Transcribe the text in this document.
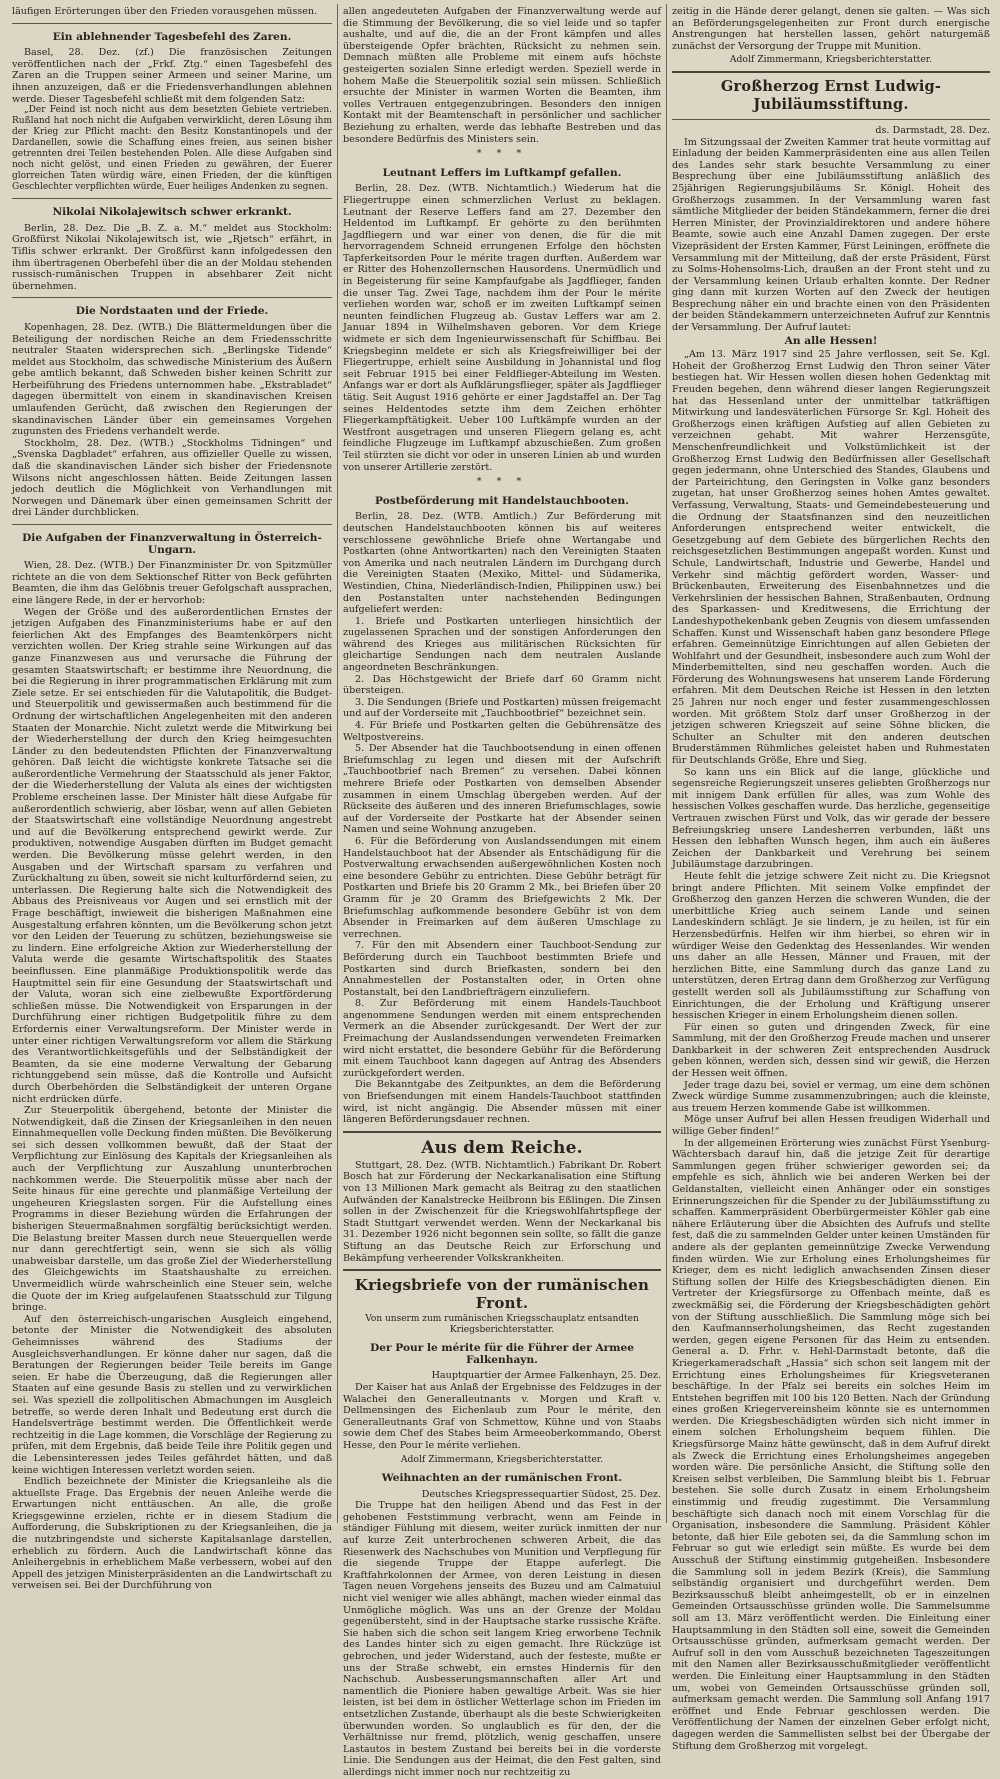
läufigen Erörterungen über den Frieden vorausgehen müssen.

Ein ablehnender Tagesbefehl des Zaren.

Basel, 28. Dez. (zf.) Die französischen Zeitungen veröffentlichen nach der „Frkf. Ztg.“ einen Tagesbefehl des Zaren an die Truppen seiner Armeen und seiner Marine, um ihnen anzuzeigen, daß er die Friedensverhandlungen ablehnen werde. Dieser Tagesbefehl schließt mit dem folgenden Satz:

„Der Feind ist noch nicht aus dem besetzten Gebiete vertrieben. Rußland hat noch nicht die Aufgaben verwirklicht, deren Lösung ihm der Krieg zur Pflicht macht: den Besitz Konstantinopels und der Dardanellen, sowie die Schaffung eines freien, aus seinen bisher getrennten drei Teilen bestehenden Polen. Alle diese Aufgaben sind noch nicht gelöst, und einen Frieden zu gewähren, der Euerer glorreichen Taten würdig wäre, einen Frieden, der die künftigen Geschlechter verpflichten würde, Euer heiliges Andenken zu segnen.

Nikolai Nikolajewitsch schwer erkrankt.

Berlin, 28. Dez. Die „B. Z. a. M.“ meldet aus Stockholm: Großfürst Nikolai Nikolajewitsch ist, wie „Rjetsch“ erfährt, in Tiflis schwer erkrankt. Der Großfürst kann infolgedessen den ihm übertragenen Oberbefehl über die an der Moldau stehenden russisch-rumänischen Truppen in absehbarer Zeit nicht übernehmen.

Die Nordstaaten und der Friede.

Kopenhagen, 28. Dez. (WTB.) Die Blättermeldungen über die Beteiligung der nordischen Reiche an dem Friedensschritte neutraler Staaten widersprechen sich. „Berlingske Tidende“ meldet aus Stockholm, das schwedische Ministerium des Äußern gebe amtlich bekannt, daß Schweden bisher keinen Schritt zur Herbeiführung des Friedens unternommen habe. „Ekstrabladet“ dagegen übermittelt von einem in skandinavischen Kreisen umlaufenden Gerücht, daß zwischen den Regierungen der skandinavischen Länder über ein gemeinsames Vorgehen zugunsten des Friedens verhandelt werde.

Stockholm, 28. Dez. (WTB.) „Stockholms Tidningen“ und „Svenska Dagbladet“ erfahren, aus offizieller Quelle zu wissen, daß die skandinavischen Länder sich bisher der Friedensnote Wilsons nicht angeschlossen hätten. Beide Zeitungen lassen jedoch deutlich die Möglichkeit von Verhandlungen mit Norwegen und Dänemark über einen gemeinsamen Schritt der drei Länder durchblicken.

Die Aufgaben der Finanzverwaltung in Österreich-Ungarn.

Wien, 28. Dez. (WTB.) Der Finanzminister Dr. von Spitzmüller richtete an die von dem Sektionschef Ritter von Beck geführten Beamten, die ihm das Gelöbnis treuer Gefolgschaft aussprachen, eine längere Rede, in der er hervorhob:

Wegen der Größe und des außerordentlichen Ernstes der jetzigen Aufgaben des Finanzministeriums habe er auf den feierlichen Akt des Empfanges des Beamtenkörpers nicht verzichten wollen. Der Krieg strahle seine Wirkungen auf das ganze Finanzwesen aus und verursache die Führung der gesamten Staatswirtschaft; er bestimme ihre Neuordnung, die bei die Regierung in ihrer programmatischen Erklärung mit zum Ziele setze. Er sei entschieden für die Valutapolitik, die Budget- und Steuerpolitik und gewissermaßen auch bestimmend für die Ordnung der wirtschaftlichen Angelegenheiten mit den anderen Staaten der Monarchie. Nicht zuletzt werde die Mitwirkung bei der Wiederherstellung der durch den Krieg heimgesuchten Länder zu den bedeutendsten Pflichten der Finanzverwaltung gehören. Daß leicht die wichtigste konkrete Tatsache sei die außerordentliche Vermehrung der Staatsschuld als jener Faktor, der die Wiederherstellung der Valuta als eines der wichtigsten Probleme erscheinen lasse. Der Minister hält diese Aufgabe für außerordentlich schwierig, aber lösbar, wenn auf allen Gebieten der Staatswirtschaft eine vollständige Neuordnung angestrebt und auf die Bevölkerung entsprechend gewirkt werde. Zur produktiven, notwendige Ausgaben dürften im Budget gemacht werden. Die Bevölkerung müsse gelehrt werden, in den Ausgaben und der Wirtschaft sparsam zu verfahren und Zurückhaltung zu üben, soweit sie nicht kulturfördernd seien, zu unterlassen. Die Regierung halte sich die Notwendigkeit des Abbaus des Preisniveaus vor Augen und sei ernstlich mit der Frage beschäftigt, inwieweit die bisherigen Maßnahmen eine Ausgestaltung erfahren könnten, um die Bevölkerung schon jetzt vor den Leiden der Teuerung zu schützen, beziehungsweise sie zu lindern. Eine erfolgreiche Aktion zur Wiederherstellung der Valuta werde die gesamte Wirtschaftspolitik des Staates beeinflussen. Eine planmäßige Produktionspolitik werde das Hauptmittel sein für eine Gesundung der Staatswirtschaft und der Valuta, woran sich eine zielbewußte Exportförderung schließen müsse. Die Notwendigkeit von Ersparungen in der Durchführung einer richtigen Budgetpolitik führe zu dem Erfordernis einer Verwaltungsreform. Der Minister werde in unter einer richtigen Verwaltungsreform vor allem die Stärkung des Verantwortlichkeitsgefühls und der Selbständigkeit der Beamten, da sie eine moderne Verwaltung der Gebarung richtunggebend sein müsse, daß die Kontrolle und Aufsicht durch Oberbehörden die Selbständigkeit der unteren Organe nicht erdrücken dürfe.

Zur Steuerpolitik übergehend, betonte der Minister die Notwendigkeit, daß die Zinsen der Kriegsanleihen in den neuen Einnahmequellen volle Deckung finden müßten. Die Bevölkerung sei sich dessen vollkommen bewußt, daß der Staat der Verpflichtung zur Einlösung des Kapitals der Kriegsanleihen als auch der Verpflichtung zur Auszahlung ununterbrochen nachkommen werde. Die Steuerpolitik müsse aber nach der Seite hinaus für eine gerechte und planmäßige Verteilung der ungeheuren Kriegslasten sorgen. Für die Aufstellung eines Programms in dieser Beziehung würden die Erfahrungen der bisherigen Steuermaßnahmen sorgfältig berücksichtigt werden. Die Belastung breiter Massen durch neue Steuerquellen werde nur dann gerechtfertigt sein, wenn sie sich als völlig unabweisbar darstelle, um das große Ziel der Wiederherstellung des Gleichgewichts im Staatshaushalte zu erreichen. Unvermeidlich würde wahrscheinlich eine Steuer sein, welche die Quote der im Krieg aufgelaufenen Staatsschuld zur Tilgung bringe.

Auf den österreichisch-ungarischen Ausgleich eingehend, betonte der Minister die Notwendigkeit des absoluten Geheimnisses während des Stadiums der Ausgleichsverhandlungen. Er könne daher nur sagen, daß die Beratungen der Regierungen beider Teile bereits im Gange seien. Er habe die Überzeugung, daß die Regierungen aller Staaten auf eine gesunde Basis zu stellen und zu verwirklichen sei. Was speziell die zollpolitischen Abmachungen im Ausgleich betreffe, so werde deren Inhalt und Bedeutung erst durch die Handelsverträge bestimmt werden. Die Öffentlichkeit werde rechtzeitig in die Lage kommen, die Vorschläge der Regierung zu prüfen, mit dem Ergebnis, daß beide Teile ihre Politik gegen und die Lebensinteressen jedes Teiles gefährdet hätten, und daß keine wichtigen Interessen verletzt worden seien.

Endlich bezeichnete der Minister die Kriegsanleihe als die aktuellste Frage. Das Ergebnis der neuen Anleihe werde die Erwartungen nicht enttäuschen. An alle, die große Kriegsgewinne erzielen, richte er in diesem Stadium die Aufforderung, die Subskriptionen zu der Kriegsanleihen, die ja die nutzbringendste und sicherste Kapitalsanlage darstellen, erheblich zu fördern. Auch die Landwirtschaft könne das Anleihergebnis in erheblichem Maße verbessern, wobei auf den Appell des jetzigen Ministerpräsidenten an die Landwirtschaft zu verweisen sei. Bei der Durchführung von

allen angedeuteten Aufgaben der Finanzverwaltung werde auf die Stimmung der Bevölkerung, die so viel leide und so tapfer aushalte, und auf die, die an der Front kämpfen und alles übersteigende Opfer brächten, Rücksicht zu nehmen sein. Demnach müßten alle Probleme mit einem aufs höchste gesteigerten sozialen Sinne erledigt werden. Speziell werde in hohem Maße die Steuerpolitik sozial sein müssen. Schließlich ersuchte der Minister in warmen Worten die Beamten, ihm volles Vertrauen entgegenzubringen. Besonders den innigen Kontakt mit der Beamtenschaft in persönlicher und sachlicher Beziehung zu erhalten, werde das lebhafte Bestreben und das besondere Bedürfnis des Ministers sein.

* * *
Leutnant Leffers im Luftkampf gefallen.

Berlin, 28. Dez. (WTB. Nichtamtlich.) Wiederum hat die Fliegertruppe einen schmerzlichen Verlust zu beklagen. Leutnant der Reserve Leffers fand am 27. Dezember den Heldentod im Luftkampf. Er gehörte zu den berühmten Jagdfliegern und war einer von denen, die für die mit hervorragendem Schneid errungenen Erfolge den höchsten Tapferkeitsorden Pour le mérite tragen durften. Außerdem war er Ritter des Hohenzollernschen Hausordens. Unermüdlich und in Begeisterung für seine Kampfaufgabe als Jagdflieger, fanden die unser Tag. Zwei Tage, nachdem ihm der Pour le mérite verliehen worden war, schoß er im zweiten Luftkampf seinen neunten feindlichen Flugzeug ab. Gustav Leffers war am 2. Januar 1894 in Wilhelmshaven geboren. Vor dem Kriege widmete er sich dem Ingenieurwissenschaft für Schiffbau. Bei Kriegsbeginn meldete er sich als Kriegsfreiwilliger bei der Fliegertruppe, erhielt seine Ausbildung in Johannistal und flog seit Februar 1915 bei einer Feldflieger-Abteilung im Westen. Anfangs war er dort als Aufklärungsflieger, später als Jagdflieger tätig. Seit August 1916 gehörte er einer Jagdstaffel an. Der Tag seines Heldentodes setzte ihm dem Zeichen erhöhter Fliegerkampftätigkeit. Ueber 100 Luftkämpfe wurden an der Westfront ausgetragen und unseren Fliegern gelang es, acht feindliche Flugzeuge im Luftkampf abzuschießen. Zum großen Teil stürzten sie dicht vor oder in unseren Linien ab und wurden von unserer Artillerie zerstört.

* * *
Postbeförderung mit Handelstauchbooten.

Berlin, 28. Dez. (WTB. Amtlich.) Zur Beförderung mit deutschen Handelstauchbooten können bis auf weiteres verschlossene gewöhnliche Briefe ohne Wertangabe und Postkarten (ohne Antwortkarten) nach den Vereinigten Staaten von Amerika und nach neutralen Ländern im Durchgang durch die Vereinigten Staaten (Mexiko, Mittel- und Südamerika, Westindien, China, Niederländisch-Indien, Philippinen usw.) bei den Postanstalten unter nachstehenden Bedingungen aufgeliefert werden:

1. Briefe und Postkarten unterliegen hinsichtlich der zugelassenen Sprachen und der sonstigen Anforderungen den während des Krieges aus militärischen Rücksichten für gleichartige Sendungen nach dem neutralen Auslande angeordneten Beschränkungen.

2. Das Höchstgewicht der Briefe darf 60 Gramm nicht übersteigen.

3. Die Sendungen (Briefe und Postkarten) müssen freigemacht und auf der Vorderseite mit „Tauchbootbrief“ bezeichnet sein.

4. Für Briefe und Postkarten gelten die Gebührensätze des Weltpostvereins.

5. Der Absender hat die Tauchbootsendung in einen offenen Briefumschlag zu legen und diesen mit der Aufschrift „Tauchbootbrief nach Bremen“ zu versehen. Dabei können mehrere Briefe oder Postkarten von demselben Absender zusammen in einem Umschlag übergeben werden. Auf der Rückseite des äußeren und des inneren Briefumschlages, sowie auf der Vorderseite der Postkarte hat der Absender seinen Namen und seine Wohnung anzugeben.

6. Für die Beförderung von Auslandssendungen mit einem Handelstauchboot hat der Absender als Entschädigung für die Postverwaltung erwachsenden außergewöhnlichen Kosten noch eine besondere Gebühr zu entrichten. Diese Gebühr beträgt für Postkarten und Briefe bis 20 Gramm 2 Mk., bei Briefen über 20 Gramm für je 20 Gramm des Briefgewichts 2 Mk. Der Briefumschlag aufkommende besondere Gebühr ist von dem Absender in Freimarken auf dem äußeren Umschlage zu verrechnen.

7. Für den mit Absendern einer Tauchboot-Sendung zur Beförderung durch ein Tauchboot bestimmten Briefe und Postkarten sind durch Briefkasten, sondern bei den Annahmestellen der Postanstalten oder, in Orten ohne Postanstalt, bei den Landbriefträgern einzuliefern.

8. Zur Beförderung mit einem Handels-Tauchboot angenommene Sendungen werden mit einem entsprechenden Vermerk an die Absender zurückgesandt. Der Wert der zur Freimachung der Auslandssendungen verwendeten Freimarken wird nicht erstattet, die besondere Gebühr für die Beförderung mit einem Tauchboot kann dagegen auf Antrag des Absenders zurückgefordert werden.

Die Bekanntgabe des Zeitpunktes, an dem die Beförderung von Briefsendungen mit einem Handels-Tauchboot stattfinden wird, ist nicht angängig. Die Absender müssen mit einer längeren Beförderungsdauer rechnen.

Aus dem Reiche.

Stuttgart, 28. Dez. (WTB. Nichtamtlich.) Fabrikant Dr. Robert Bosch hat zur Förderung der Neckarkanalisation eine Stiftung von 13 Millionen Mark gemacht als Beitrag zu den staatlichen Aufwänden der Kanalstrecke Heilbronn bis Eßlingen. Die Zinsen sollen in der Zwischenzeit für die Kriegswohlfahrtspflege der Stadt Stuttgart verwendet werden. Wenn der Neckarkanal bis 31. Dezember 1926 nicht begonnen sein sollte, so fällt die ganze Stiftung an das Deutsche Reich zur Erforschung und Bekämpfung verheerender Volkskrankheiten.

Kriegsbriefe von der rumänischen Front.
Von unserm zum rumänischen Kriegsschauplatz entsandten Kriegsberichterstatter.
Der Pour le mérite für die Führer der Armee Falkenhayn.

Hauptquartier der Armee Falkenhayn, 25. Dez.

Der Kaiser hat aus Anlaß der Ergebnisse des Feldzuges in der Walachei den Generalleutnants v. Morgen und Kraft v. Dellmensingen des Eichenlaub zum Pour le mérite, den Generalleutnants Graf von Schmettow, Kühne und von Staabs sowie dem Chef des Stabes beim Armeeoberkommando, Oberst Hesse, den Pour le mérite verliehen.

Adolf Zimmermann, Kriegsberichterstatter.
Weihnachten an der rumänischen Front.

Deutsches Kriegspressequartier Südost, 25. Dez.

Die Truppe hat den heiligen Abend und das Fest in der gehobenen Feststimmung verbracht, wenn am Feinde in ständiger Fühlung mit diesem, weiter zurück inmitten der nur auf kurze Zeit unterbrochenen schweren Arbeit, die das Riesenwerk des Nachschubes von Munition und Verpflegung für die siegende Truppe der Etappe auferlegt. Die Kraftfahrkolonnen der Armee, von deren Leistung in diesen Tagen neuen Vorgehens jenseits des Buzeu und am Calmatuiul nicht viel weniger wie alles abhängt, machen wieder einmal das Unmögliche möglich. Was uns an der Grenze der Moldau gegenübersteht, sind in der Hauptsache starke russische Kräfte. Sie haben sich die schon seit langem Krieg erworbene Technik des Landes hinter sich zu eigen gemacht. Ihre Rückzüge ist gebrochen, und jeder Widerstand, auch der festeste, mußte er uns der Straße schwebt, ein ernstes Hindernis für den Nachschub. Ausbesserungsmannschaften aller Art und namentlich die Pioniere haben gewaltige Arbeit. Was sie hier leisten, ist bei dem in östlicher Wetterlage schon im Frieden im entsetzlichen Zustande, überhaupt als die beste Schwierigkeiten überwunden worden. So unglaublich es für den, der die Verhältnisse nur fremd, plötzlich, wenig geschaffen, unsere Lastautos in bestem Zustand bei bereits bei in die vorderste Linie. Die Sendungen aus der Heimat, die den Fest galten, sind allerdings nicht immer noch nur rechtzeitig zu

zeitig in die Hände derer gelangt, denen sie galten. — Was sich an Beförderungsgelegenheiten zur Front durch energische Anstrengungen hat herstellen lassen, gehört naturgemäß zunächst der Versorgung der Truppe mit Munition.

Adolf Zimmermann, Kriegsberichterstatter.
Großherzog Ernst Ludwig-Jubiläumsstiftung.

ds. Darmstadt, 28. Dez.

Im Sitzungssaal der Zweiten Kammer trat heute vormittag auf Einladung der beiden Kammerpräsidenten eine aus allen Teilen des Landes sehr stark besuchte Versammlung zu einer Besprechung über eine Jubiläumsstiftung anläßlich des 25jährigen Regierungsjubiläums Sr. Königl. Hoheit des Großherzogs zusammen. In der Versammlung waren fast sämtliche Mitglieder der beiden Ständekammern, ferner die drei Herren Minister, der Provinzialdirektoren und andere höhere Beamte, sowie auch eine Anzahl Damen zugegen. Der erste Vizepräsident der Ersten Kammer, Fürst Leiningen, eröffnete die Versammlung mit der Mitteilung, daß der erste Präsident, Fürst zu Solms-Hohensolms-Lich, draußen an der Front steht und zu der Versammlung keinen Urlaub erhalten konnte. Der Redner ging dann mit kurzen Worten auf den Zweck der heutigen Besprechung näher ein und brachte einen von den Präsidenten der beiden Ständekammern unterzeichneten Aufruf zur Kenntnis der Versammlung. Der Aufruf lautet:

An alle Hessen!

„Am 13. März 1917 sind 25 Jahre verflossen, seit Se. Kgl. Hoheit der Großherzog Ernst Ludwig den Thron seiner Väter bestiegen hat. Wir Hessen wollen diesen hohen Gedenktag mit Freuden begehen, denn während dieser langen Regierungszeit hat das Hessenland unter der unmittelbar tatkräftigen Mitwirkung und landesväterlichen Fürsorge Sr. Kgl. Hoheit des Großherzogs einen kräftigen Aufstieg auf allen Gebieten zu verzeichnen gehabt. Mit wahrer Herzensgüte, Menschenfreundlichkeit und Volkstümlichkeit ist der Großherzog Ernst Ludwig den Bedürfnissen aller Gesellschaft gegen jedermann, ohne Unterschied des Standes, Glaubens und der Parteirichtung, den Geringsten in Volke ganz besonders zugetan, hat unser Großherzog seines hohen Amtes gewaltet. Verfassung, Verwaltung, Staats- und Gemeindebesteuerung und die Ordnung der Staatsfinanzen sind den neuzeitlichen Anforderungen entsprechend weiter entwickelt, die Gesetzgebung auf dem Gebiete des bürgerlichen Rechts den reichsgesetzlichen Bestimmungen angepaßt worden. Kunst und Schule, Landwirtschaft, Industrie und Gewerbe, Handel und Verkehr sind mächtig gefördert worden, Wasser- und Brückenbauten, Erweiterung des Eisenbahnnetzes und die Verkehrslinien der hessischen Bahnen, Straßenbauten, Ordnung des Sparkassen- und Kreditwesens, die Errichtung der Landeshypothekenbank geben Zeugnis von diesem umfassenden Schaffen. Kunst und Wissenschaft haben ganz besondere Pflege erfahren. Gemeinnützige Einrichtungen auf allen Gebieten der Wohlfahrt und der Gesundheit, insbesondere auch zum Wohl der Minderbemittelten, sind neu geschaffen worden. Auch die Förderung des Wohnungswesens hat unserem Lande Förderung erfahren. Mit dem Deutschen Reiche ist Hessen in den letzten 25 Jahren nur noch enger und fester zusammengeschlossen worden. Mit größtem Stolz darf unser Großherzog in der jetzigen schweren Kriegszeit auf seine Söhne blicken, die Schulter an Schulter mit den anderen deutschen Bruderstämmen Rühmliches geleistet haben und Ruhmestaten für Deutschlands Größe, Ehre und Sieg.

So kann uns ein Blick auf die lange, glückliche und segensreiche Regierungszeit unseres geliebten Großherzogs nur mit innigem Dank erfüllen für alles, was zum Wohle des hessischen Volkes geschaffen wurde. Das herzliche, gegenseitige Vertrauen zwischen Fürst und Volk, das wir gerade der bessere Befreiungskrieg unsere Landesherren verbunden, läßt uns Hessen den lebhaften Wunsch hegen, ihm auch ein äußeres Zeichen der Dankbarkeit und Verehrung bei seinem Jubiläumstage darzubringen.

Heute fehlt die jetzige schwere Zeit nicht zu. Die Kriegsnot bringt andere Pflichten. Mit seinem Volke empfindet der Großherzog den ganzen Herzen die schweren Wunden, die der unerbittliche Krieg auch seinem Lande und seinen Landeskindern schlägt. Je sie lindern, je zu heilen, ist für ein Herzensbedürfnis. Helfen wir ihm hierbei, so ehren wir in würdiger Weise den Gedenktag des Hessenlandes. Wir wenden uns daher an alle Hessen, Männer und Frauen, mit der herzlichen Bitte, eine Sammlung durch das ganze Land zu unterstützen, deren Ertrag dann dem Großherzog zur Verfügung gestellt werden soll als Jubiläumsstiftung zur Schaffung von Einrichtungen, die der Erholung und Kräftigung unserer hessischen Krieger in einem Erholungsheim dienen sollen.

Für einen so guten und dringenden Zweck, für eine Sammlung, mit der den Großherzog Freude machen und unserer Dankbarkeit in der schweren Zeit entsprechenden Ausdruck geben können, werden sich, dessen sind wir gewiß, die Herzen der Hessen weit öffnen.

Jeder trage dazu bei, soviel er vermag, um eine dem schönen Zweck würdige Summe zusammenzubringen; auch die kleinste, aus treuem Herzen kommende Gabe ist willkommen.

Möge unser Aufruf bei allen Hessen freudigen Widerhall und willige Geber finden!“

In der allgemeinen Erörterung wies zunächst Fürst Ysenburg-Wächtersbach darauf hin, daß die jetzige Zeit für derartige Sammlungen gegen früher schwieriger geworden sei; da empfehle es sich, ähnlich wie bei anderen Werken bei der Geldanstalten, vielleicht einen Anhänger oder ein sonstiges Erinnerungszeichen für die Spender zu der Jubiläumsstiftung zu schaffen. Kammerpräsident Oberbürgermeister Köhler gab eine nähere Erläuterung über die Absichten des Aufrufs und stellte fest, daß die zu sammelnden Gelder unter keinen Umständen für andere als der geplanten gemeinnützige Zwecke Verwendung finden würden. Wie zur Erholung eines Erholungsheimes für Krieger, dem es nicht lediglich anwachsenden Zinsen dieser Stiftung sollen der Hilfe des Kriegsbeschädigten dienen. Ein Vertreter der Kriegsfürsorge zu Offenbach meinte, daß es zweckmäßig sei, die Förderung der Kriegsbeschädigten gehört von der Stiftung ausschließlich. Die Sammlung möge sich bei den Kaufmannserholungsheimen, das Recht zugestanden werden, gegen eigene Personen für das Heim zu entsenden. General a. D. Frhr. v. Hehl-Darmstadt betonte, daß die Kriegerkameradschaft „Hassia“ sich schon seit langem mit der Errichtung eines Erholungsheimes für Kriegsveteranen beschäftige. In der Pfalz sei bereits ein solches Heim im Entstehen begriffen mit 100 bis 120 Betten. Nach der Gründung eines großen Kriegervereinsheim könnte sie es unternommen werden. Die Kriegsbeschädigten würden sich nicht immer in einem solchen Erholungsheim bequem fühlen. Die Kriegsfürsorge Mainz hätte gewünscht, daß in dem Aufruf direkt als Zweck die Errichtung eines Erholungsheimes angegeben worden wäre. Die persönliche Ansicht, die Stiftung solle den Kreisen selbst verbleiben, Die Sammlung bleibt bis 1. Februar bestehen. Sie solle durch Zusatz in einem Erholungsheim einstimmig und freudig zugestimmt. Die Versammlung beschäftigte sich danach noch mit einem Vorschlag für die Organisation, insbesondere die Sammlung. Präsident Köhler betonte, daß hier Eile geboten sei, da die Sammlung schon im Februar so gut wie erledigt sein müßte. Es wurde bei dem Ausschuß der Stiftung einstimmig gutgeheißen. Insbesondere die Sammlung soll in jedem Bezirk (Kreis), die Sammlung selbständig organisiert und durchgeführt werden. Dem Bezirksausschuß bleibt anheimgestellt, ob er in einzelnen Gemeinden Ortsausschüsse gründen wolle. Die Sammelsumme soll am 13. März veröffentlicht werden. Die Einleitung einer Hauptsammlung in den Städten soll eine, soweit die Gemeinden Ortsausschüsse gründen, aufmerksam gemacht werden. Der Aufruf soll in den vom Ausschuß bezeichneten Tageszeitungen mit den Namen aller Bezirksausschußmitglieder veröffentlicht werden. Die Einleitung einer Hauptsammlung in den Städten um, wobei von Gemeinden Ortsausschüsse gründen soll, aufmerksam gemacht werden. Die Sammlung soll Anfang 1917 eröffnet und Ende Februar geschlossen werden. Die Veröffentlichung der Namen der einzelnen Geber erfolgt nicht, dagegen werden die Sammellisten selbst bei der Übergabe der Stiftung dem Großherzog mit vorgelegt.
